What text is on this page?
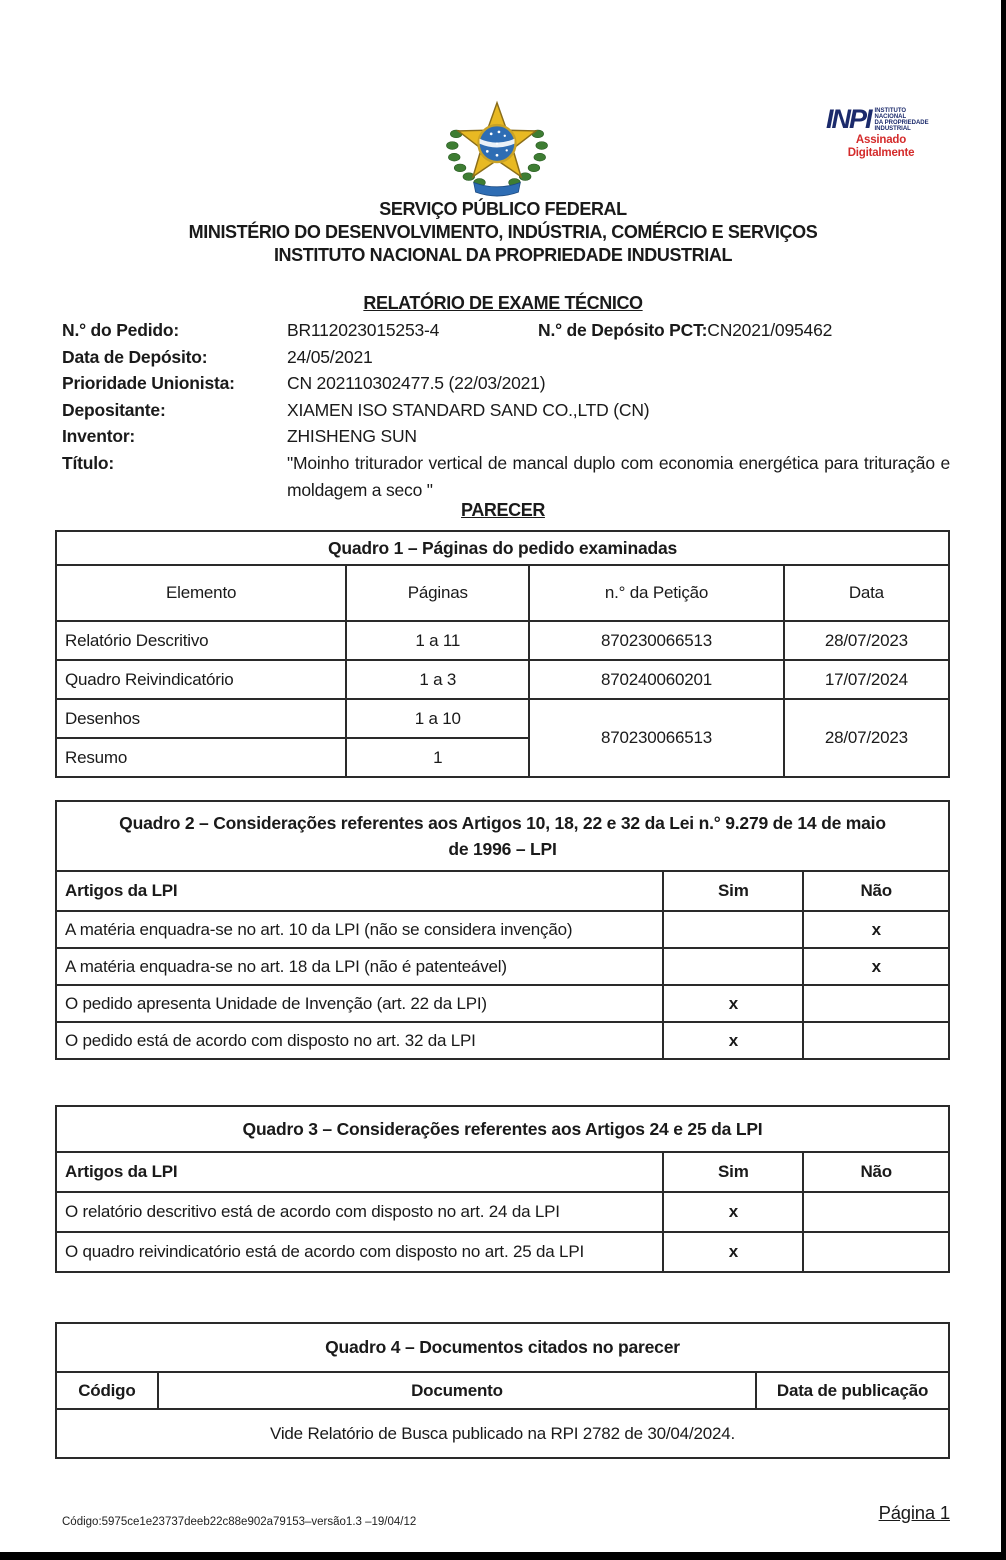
INPI INSTITUTO
NACIONAL
DA PROPRIEDADE
INDUSTRIAL
Assinado
Digitalmente
SERVIÇO PÚBLICO FEDERAL
MINISTÉRIO DO DESENVOLVIMENTO, INDÚSTRIA, COMÉRCIO E SERVIÇOS
INSTITUTO NACIONAL DA PROPRIEDADE INDUSTRIAL
RELATÓRIO DE EXAME TÉCNICO
N.° do Pedido:	BR112023015253-4	N.° de Depósito PCT:CN2021/095462
Data de Depósito:	24/05/2021
Prioridade Unionista:	CN 202110302477.5 (22/03/2021)
Depositante:	XIAMEN ISO STANDARD SAND CO.,LTD (CN)
Inventor:	ZHISHENG SUN
Título:	"Moinho triturador vertical de mancal duplo com economia energética para trituração e moldagem a seco "
PARECER
Quadro 1 – Páginas do pedido examinadas			
Elemento	Páginas	n.° da Petição	Data
Relatório Descritivo	1 a 11	870230066513	28/07/2023
Quadro Reivindicatório	1 a 3	870240060201	17/07/2024
Desenhos	1 a 10	870230066513	28/07/2023
Resumo	1		
Quadro 2 – Considerações referentes aos Artigos 10, 18, 22 e 32 da Lei n.° 9.279 de 14 de maio de 1996 – LPI		
Artigos da LPI	Sim	Não
A matéria enquadra-se no art. 10 da LPI (não se considera invenção)		x
A matéria enquadra-se no art. 18 da LPI (não é patenteável)		x
O pedido apresenta Unidade de Invenção (art. 22 da LPI)	x	
O pedido está de acordo com disposto no art. 32 da LPI	x	
Quadro 3 – Considerações referentes aos Artigos 24 e 25 da LPI		
Artigos da LPI	Sim	Não
O relatório descritivo está de acordo com disposto no art. 24 da LPI	x	
O quadro reivindicatório está de acordo com disposto no art. 25 da LPI	x	
Quadro 4 – Documentos citados no parecer
Código	Documento	Data de publicação
Vide Relatório de Busca publicado na RPI 2782 de 30/04/2024.
Código:5975ce1e23737deeb22c88e902a79153–versão1.3 –19/04/12	Página 1
